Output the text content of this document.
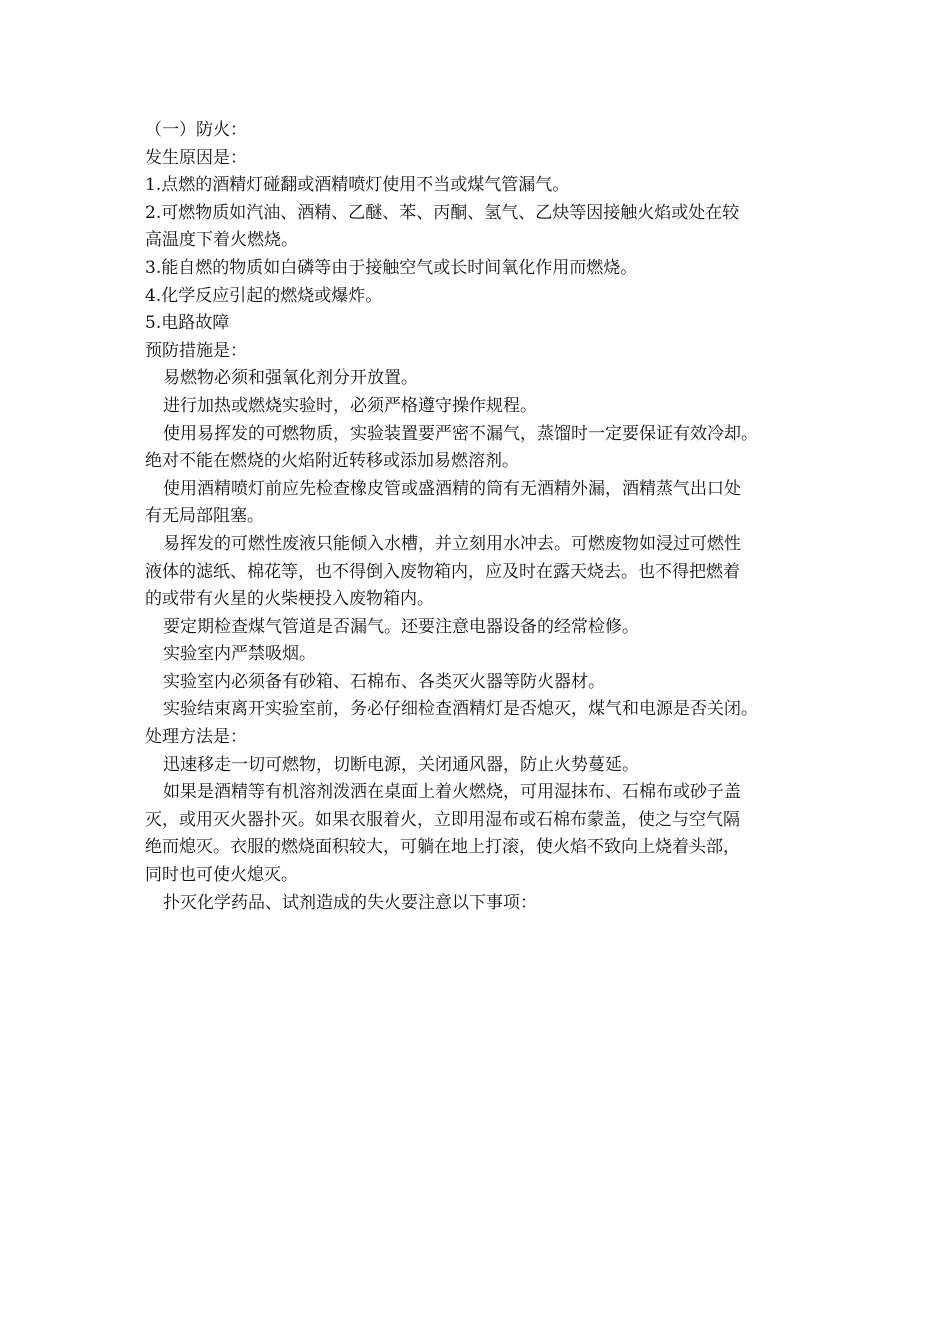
（一）防火：
发生原因是：
1.点燃的酒精灯碰翻或酒精喷灯使用不当或煤气管漏气。
2.可燃物质如汽油、酒精、乙醚、苯、丙酮、氢气、乙炔等因接触火焰或处在较
高温度下着火燃烧。
3.能自燃的物质如白磷等由于接触空气或长时间氧化作用而燃烧。
4.化学反应引起的燃烧或爆炸。
5.电路故障
预防措施是：
易燃物必须和强氧化剂分开放置。
进行加热或燃烧实验时，必须严格遵守操作规程。
使用易挥发的可燃物质，实验装置要严密不漏气，蒸馏时一定要保证有效冷却。
绝对不能在燃烧的火焰附近转移或添加易燃溶剂。
使用酒精喷灯前应先检查橡皮管或盛酒精的筒有无酒精外漏，酒精蒸气出口处
有无局部阻塞。
易挥发的可燃性废液只能倾入水槽，并立刻用水冲去。可燃废物如浸过可燃性
液体的滤纸、棉花等，也不得倒入废物箱内，应及时在露天烧去。也不得把燃着
的或带有火星的火柴梗投入废物箱内。
要定期检查煤气管道是否漏气。还要注意电器设备的经常检修。
实验室内严禁吸烟。
实验室内必须备有砂箱、石棉布、各类灭火器等防火器材。
实验结束离开实验室前，务必仔细检查酒精灯是否熄灭，煤气和电源是否关闭。
处理方法是：
迅速移走一切可燃物，切断电源，关闭通风器，防止火势蔓延。
如果是酒精等有机溶剂泼洒在桌面上着火燃烧，可用湿抹布、石棉布或砂子盖
灭，或用灭火器扑灭。如果衣服着火，立即用湿布或石棉布蒙盖，使之与空气隔
绝而熄灭。衣服的燃烧面积较大，可躺在地上打滚，使火焰不致向上烧着头部，
同时也可使火熄灭。
扑灭化学药品、试剂造成的失火要注意以下事项：
